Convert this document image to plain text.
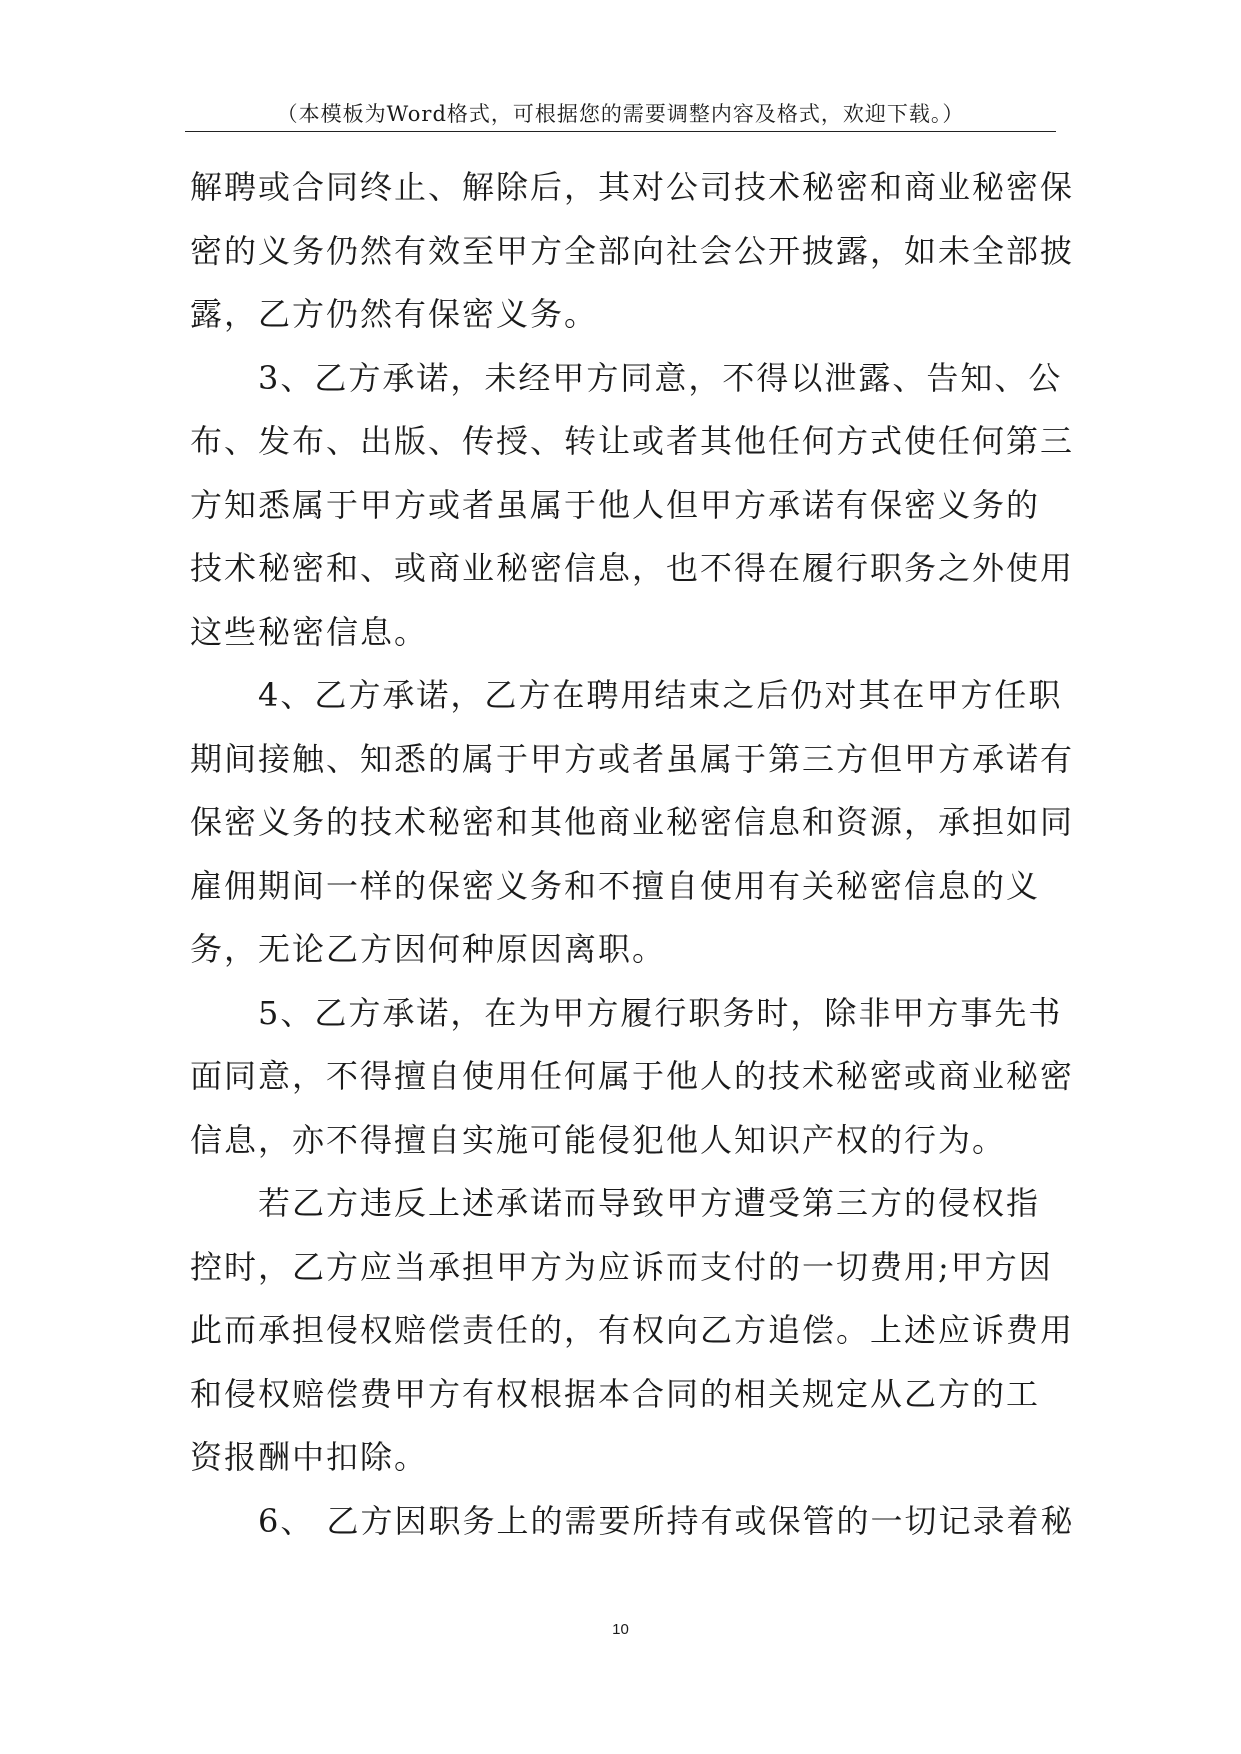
（本模板为Word格式，可根据您的需要调整内容及格式，欢迎下载。）

解聘或合同终止、解除后，其对公司技术秘密和商业秘密保

密的义务仍然有效至甲方全部向社会公开披露，如未全部披

露，乙方仍然有保密义务。

　　3、乙方承诺，未经甲方同意，不得以泄露、告知、公

布、发布、出版、传授、转让或者其他任何方式使任何第三

方知悉属于甲方或者虽属于他人但甲方承诺有保密义务的

技术秘密和、或商业秘密信息，也不得在履行职务之外使用

这些秘密信息。

　　4、乙方承诺，乙方在聘用结束之后仍对其在甲方任职

期间接触、知悉的属于甲方或者虽属于第三方但甲方承诺有

保密义务的技术秘密和其他商业秘密信息和资源，承担如同

雇佣期间一样的保密义务和不擅自使用有关秘密信息的义

务，无论乙方因何种原因离职。

　　5、乙方承诺，在为甲方履行职务时，除非甲方事先书

面同意，不得擅自使用任何属于他人的技术秘密或商业秘密

信息，亦不得擅自实施可能侵犯他人知识产权的行为。

　　若乙方违反上述承诺而导致甲方遭受第三方的侵权指

控时，乙方应当承担甲方为应诉而支付的一切费用;甲方因

此而承担侵权赔偿责任的，有权向乙方追偿。上述应诉费用

和侵权赔偿费甲方有权根据本合同的相关规定从乙方的工

资报酬中扣除。

　　6、 乙方因职务上的需要所持有或保管的一切记录着秘

10
